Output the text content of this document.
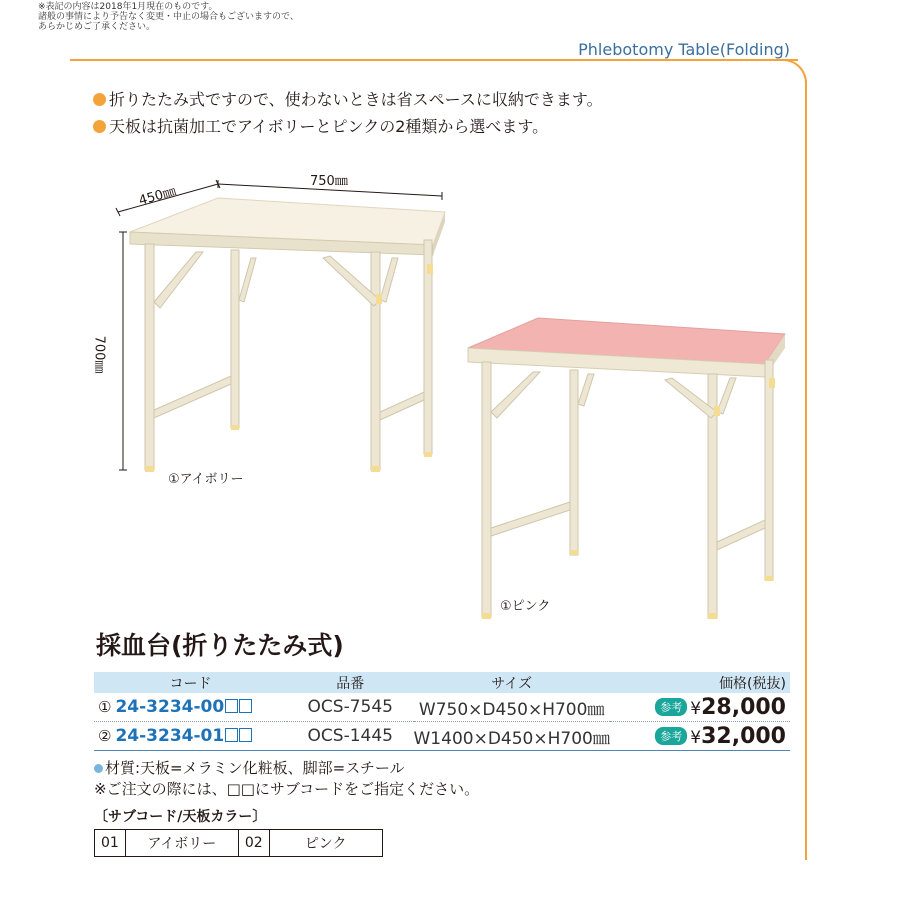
※表記の内容は2018年1月現在のものです。
諸般の事情により予告なく変更・中止の場合もございますので、
あらかじめご了承ください。
Phlebotomy Table(Folding)
折りたたみ式ですので、使わないときは省スペースに収納できます。
天板は抗菌加工でアイボリーとピンクの2種類から選べます。
450㎜
750㎜
700㎜
①アイボリー
①ピンク
採血台(折りたたみ式)
コード	品番	サイズ	価格(税抜)
① 24-3234-00	OCS-7545	W750×D450×H700㎜	参考 ¥28,000
② 24-3234-01	OCS-1445	W1400×D450×H700㎜	参考 ¥32,000
材質:天板=メラミン化粧板、脚部=スチール
※ご注文の際には、□□にサブコードをご指定ください。
〔サブコード/天板カラー〕
01	アイボリー	02	ピンク
